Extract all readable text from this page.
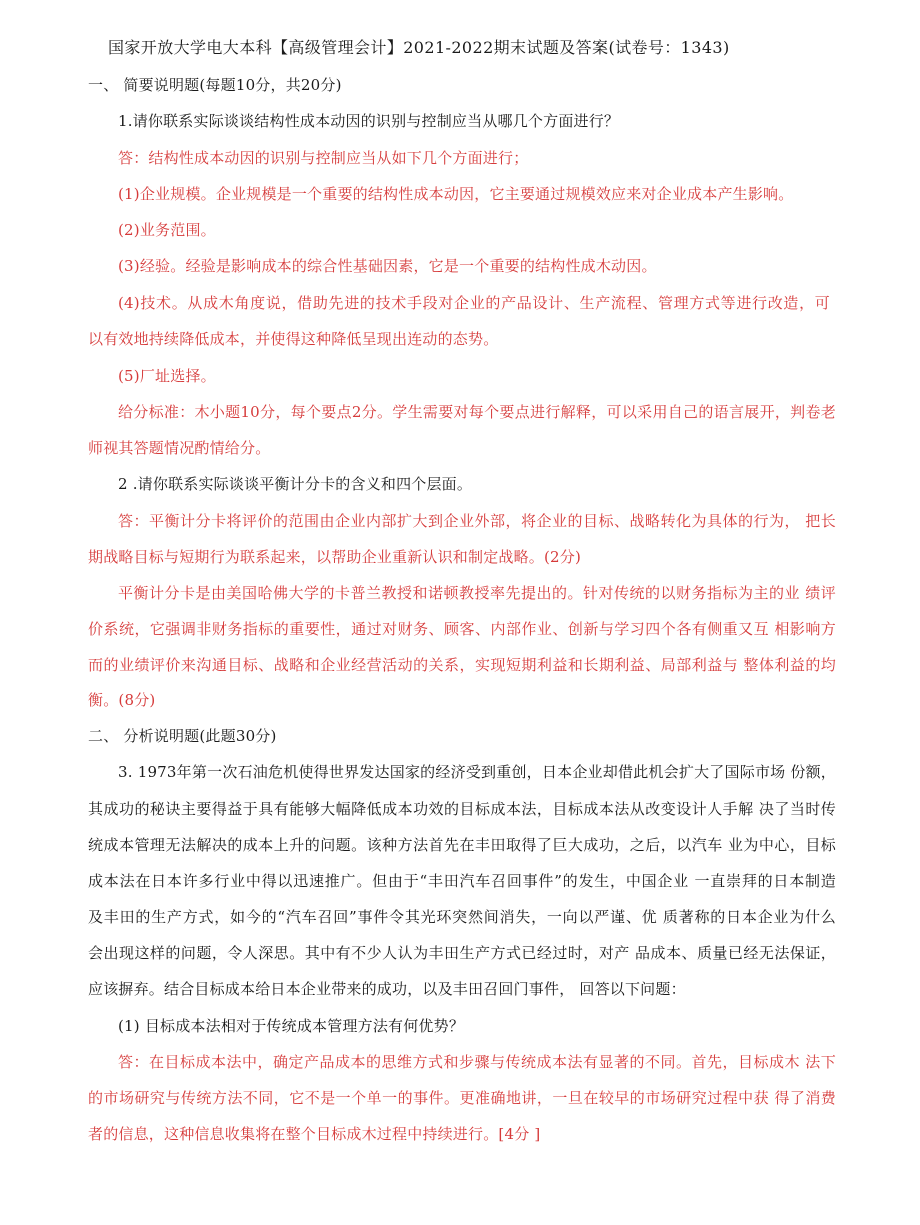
国家开放大学电大本科【高级管理会计】2021-2022期末试题及答案(试卷号：1343)
一、 简要说明题(每题10分，共20分)
1.请你联系实际谈谈结构性成本动因的识别与控制应当从哪几个方面进行？
答：结构性成本动因的识别与控制应当从如下几个方面进行；
(1)企业规模。企业规模是一个重要的结构性成本动因，它主要通过规模效应来对企业成本产生影响。
(2)业务范围。
(3)经验。经验是影响成本的综合性基础因素，它是一个重要的结构性成木动因。
(4)技术。从成木角度说，借助先进的技术手段对企业的产品设计、生产流程、管理方式等进行改造，可
以有效地持续降低成本，并使得这种降低呈现出连动的态势。
(5)厂址选择。
给分标准：木小题10分，每个要点2分。学生需要对每个要点进行解释，可以采用自己的语言展开，判卷老
师视其答题情况酌情给分。
2 .请你联系实际谈谈平衡计分卡的含义和四个层面。
答：平衡计分卡将评价的范围由企业内部扩大到企业外部，将企业的目标、战略转化为具体的行为， 把长
期战略目标与短期行为联系起来，以帮助企业重新认识和制定战略。(2分)
平衡计分卡是由美国哈佛大学的卡普兰教授和诺顿教授率先提出的。针对传统的以财务指标为主的业 绩评
价系统，它强调非财务指标的重要性，通过对财务、顾客、内部作业、创新与学习四个各有侧重又互 相影响方
而的业绩评价来沟通目标、战略和企业经营活动的关系，实现短期利益和长期利益、局部利益与 整体利益的均
衡。(8分)
二、 分析说明题(此题30分)
3. 1973年第一次石油危机使得世界发达国家的经济受到重创，日本企业却借此机会扩大了国际市场 份额，
其成功的秘诀主要得益于具有能够大幅降低成本功效的目标成本法，目标成本法从改变设计人手解 决了当时传
统成本管理无法解决的成本上升的问题。该种方法首先在丰田取得了巨大成功，之后，以汽车 业为中心，目标
成本法在日本许多行业中得以迅速推广。但由于“丰田汽车召回事件”的发生，中国企业 一直崇拜的日本制造
及丰田的生产方式，如今的“汽车召回”事件令其光环突然间消失，一向以严谨、优 质著称的日本企业为什么
会出现这样的问题，令人深思。其中有不少人认为丰田生产方式已经过时，对产 品成本、质量已经无法保证，
应该摒弃。结合目标成本给日本企业带来的成功，以及丰田召回门事件， 回答以下问题：
(1) 目标成本法相对于传统成本管理方法有何优势？
答：在目标成本法中，确定产品成本的思维方式和步骤与传统成本法有显著的不同。首先，目标成木 法下
的市场研究与传统方法不同，它不是一个单一的事件。更准确地讲，一旦在较早的市场研究过程中获 得了消费
者的信息，这种信息收集将在整个目标成木过程中持续进行。[4分 ]
